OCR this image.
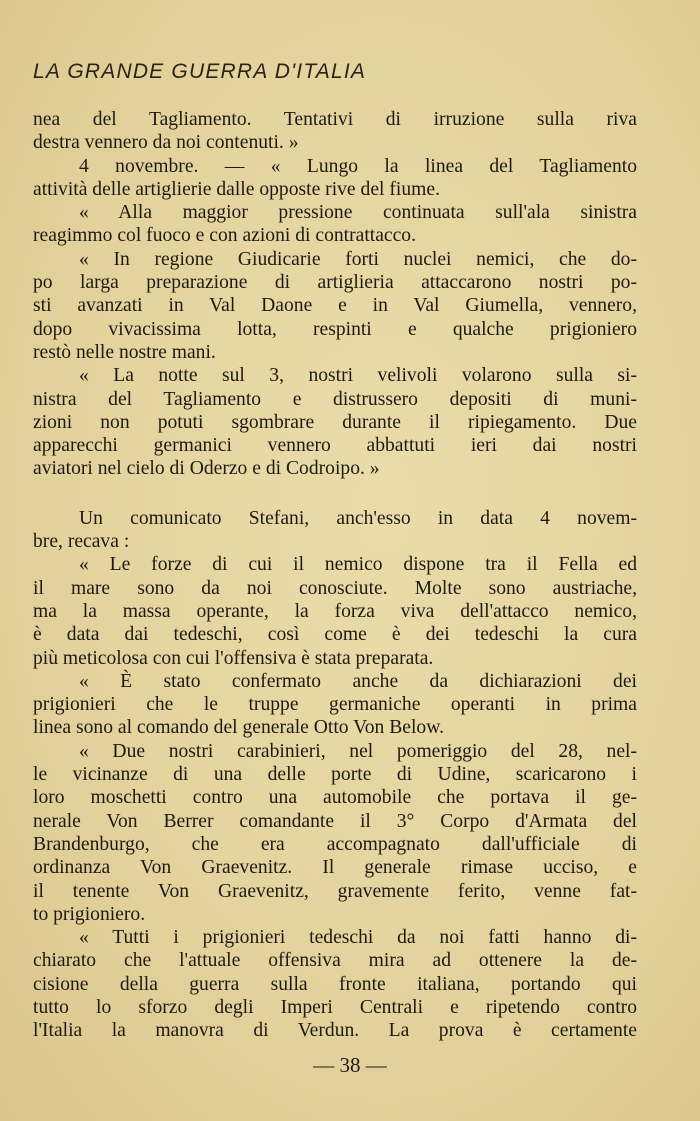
LA GRANDE GUERRA D'ITALIA
nea del Tagliamento. Tentativi di irruzione sulla riva
destra vennero da noi contenuti. »
4 novembre. — « Lungo la linea del Tagliamento
attività delle artiglierie dalle opposte rive del fiume.
« Alla maggior pressione continuata sull'ala sinistra
reagimmo col fuoco e con azioni di contrattacco.
« In regione Giudicarie forti nuclei nemici, che do-
po larga preparazione di artiglieria attaccarono nostri po-
sti avanzati in Val Daone e in Val Giumella, vennero,
dopo vivacissima lotta, respinti e qualche prigioniero
restò nelle nostre mani.
« La notte sul 3, nostri velivoli volarono sulla si-
nistra del Tagliamento e distrussero depositi di muni-
zioni non potuti sgombrare durante il ripiegamento. Due
apparecchi germanici vennero abbattuti ieri dai nostri
aviatori nel cielo di Oderzo e di Codroipo. »
Un comunicato Stefani, anch'esso in data 4 novem-
bre, recava :
« Le forze di cui il nemico dispone tra il Fella ed
il mare sono da noi conosciute. Molte sono austriache,
ma la massa operante, la forza viva dell'attacco nemico,
è data dai tedeschi, così come è dei tedeschi la cura
più meticolosa con cui l'offensiva è stata preparata.
« È stato confermato anche da dichiarazioni dei
prigionieri che le truppe germaniche operanti in prima
linea sono al comando del generale Otto Von Below.
« Due nostri carabinieri, nel pomeriggio del 28, nel-
le vicinanze di una delle porte di Udine, scaricarono i
loro moschetti contro una automobile che portava il ge-
nerale Von Berrer comandante il 3° Corpo d'Armata del
Brandenburgo, che era accompagnato dall'ufficiale di
ordinanza Von Graevenitz. Il generale rimase ucciso, e
il tenente Von Graevenitz, gravemente ferito, venne fat-
to prigioniero.
« Tutti i prigionieri tedeschi da noi fatti hanno di-
chiarato che l'attuale offensiva mira ad ottenere la de-
cisione della guerra sulla fronte italiana, portando qui
tutto lo sforzo degli Imperi Centrali e ripetendo contro
l'Italia la manovra di Verdun. La prova è certamente
— 38 —
